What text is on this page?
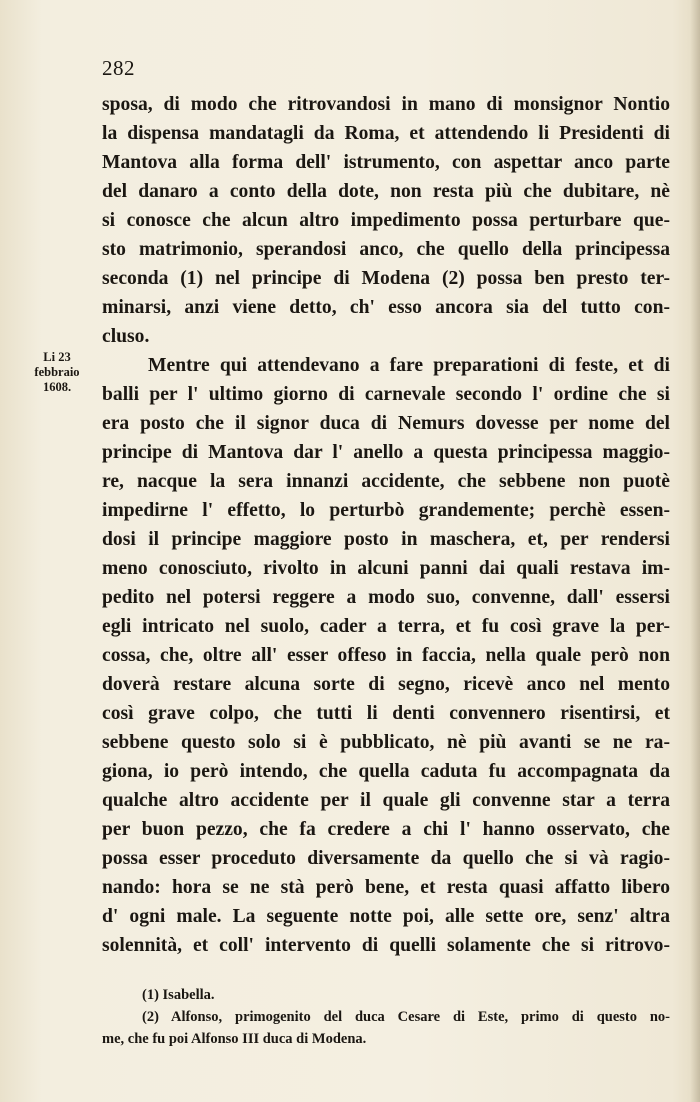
282
Li 23
febbraio
1608.
sposa, di modo che ritrovandosi in mano di monsignor Nontio
la dispensa mandatagli da Roma, et attendendo li Presidenti di
Mantova alla forma dell' istrumento, con aspettar anco parte
del danaro a conto della dote, non resta più che dubitare, nè
si conosce che alcun altro impedimento possa perturbare que-
sto matrimonio, sperandosi anco, che quello della principessa
seconda (1) nel principe di Modena (2) possa ben presto ter-
minarsi, anzi viene detto, ch' esso ancora sia del tutto con-
cluso.
Mentre qui attendevano a fare preparationi di feste, et di
balli per l' ultimo giorno di carnevale secondo l' ordine che si
era posto che il signor duca di Nemurs dovesse per nome del
principe di Mantova dar l' anello a questa principessa maggio-
re, nacque la sera innanzi accidente, che sebbene non puotè
impedirne l' effetto, lo perturbò grandemente; perchè essen-
dosi il principe maggiore posto in maschera, et, per rendersi
meno conosciuto, rivolto in alcuni panni dai quali restava im-
pedito nel potersi reggere a modo suo, convenne, dall' essersi
egli intricato nel suolo, cader a terra, et fu così grave la per-
cossa, che, oltre all' esser offeso in faccia, nella quale però non
doverà restare alcuna sorte di segno, ricevè anco nel mento
così grave colpo, che tutti li denti convennero risentirsi, et
sebbene questo solo si è pubblicato, nè più avanti se ne ra-
giona, io però intendo, che quella caduta fu accompagnata da
qualche altro accidente per il quale gli convenne star a terra
per buon pezzo, che fa credere a chi l' hanno osservato, che
possa esser proceduto diversamente da quello che si và ragio-
nando: hora se ne stà però bene, et resta quasi affatto libero
d' ogni male. La seguente notte poi, alle sette ore, senz' altra
solennità, et coll' intervento di quelli solamente che si ritrovo-
(1) Isabella.
(2) Alfonso, primogenito del duca Cesare di Este, primo di questo no-
me, che fu poi Alfonso III duca di Modena.
